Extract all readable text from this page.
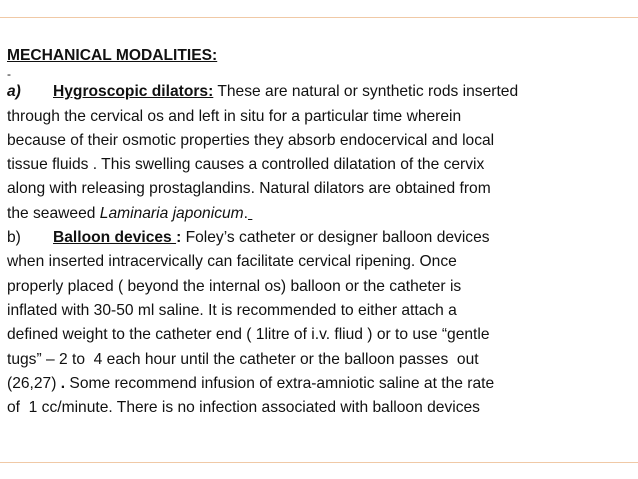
MECHANICAL MODALITIES:
-
a) Hygroscopic dilators: These are natural or synthetic rods inserted
through the cervical os and left in situ for a particular time wherein
because of their osmotic properties they absorb endocervical and local
tissue fluids . This swelling causes a controlled dilatation of the cervix
along with releasing prostaglandins. Natural dilators are obtained from
the seaweed Laminaria japonicum.
b) Balloon devices : Foley’s catheter or designer balloon devices
when inserted intracervically can facilitate cervical ripening. Once
properly placed ( beyond the internal os) balloon or the catheter is
inflated with 30-50 ml saline. It is recommended to either attach a
defined weight to the catheter end ( 1litre of i.v. fliud ) or to use “gentle
tugs” – 2 to  4 each hour until the catheter or the balloon passes  out
(26,27) . Some recommend infusion of extra-amniotic saline at the rate
of  1 cc/minute. There is no infection associated with balloon devices
